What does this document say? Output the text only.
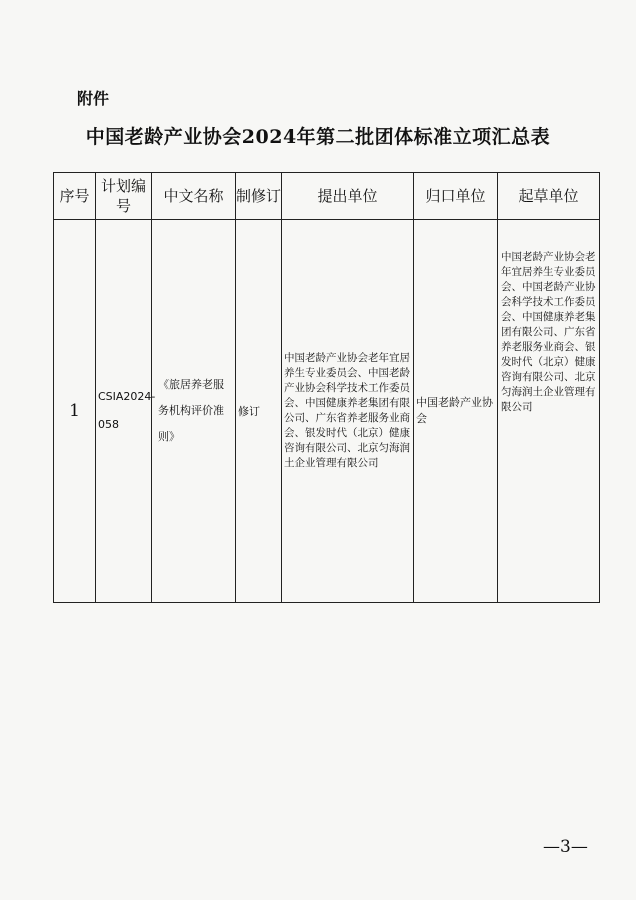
附件
中国老龄产业协会2024年第二批团体标准立项汇总表
序号	计划编号	中文名称	制修订	提出单位	归口单位	起草单位
1	CSIA2024-058	《旅居养老服务机构评价准则》	修订	中国老龄产业协会老年宜居养生专业委员会、中国老龄产业协会科学技术工作委员会、中国健康养老集团有限公司、广东省养老服务业商会、银发时代（北京）健康咨询有限公司、北京匀海润土企业管理有限公司	中国老龄产业协会	中国老龄产业协会老年宜居养生专业委员会、中国老龄产业协会科学技术工作委员会、中国健康养老集团有限公司、广东省养老服务业商会、银发时代（北京）健康咨询有限公司、北京匀海润土企业管理有限公司
—3—
